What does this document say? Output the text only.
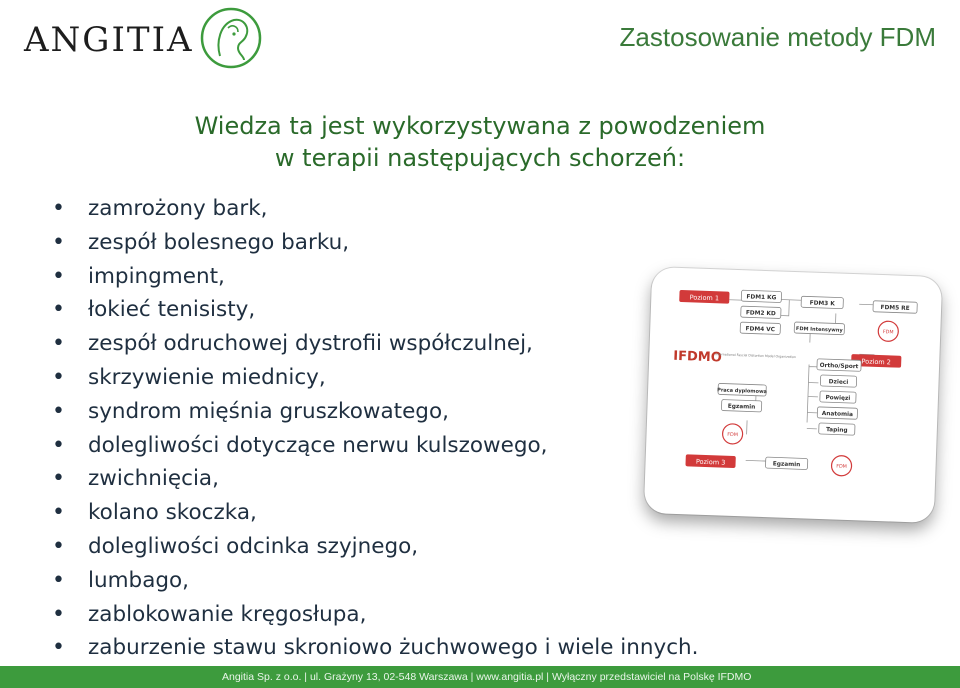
ANGITIA	Zastosowanie metody FDM
Wiedza ta jest wykorzystywana z powodzeniem
w terapii następujących schorzeń:
• zamrożony bark,
• zespół bolesnego barku,
• impingment,
• łokieć tenisisty,
• zespół odruchowej dystrofii współczulnej,
• skrzywienie miednicy,
• syndrom mięśnia gruszkowatego,
• dolegliwości dotyczące nerwu kulszowego,
• zwichnięcia,
• kolano skoczka,
• dolegliwości odcinka szyjnego,
• lumbago,
• zablokowanie kręgosłupa,
• zaburzenie stawu skroniowo żuchwowego i wiele innych.
Poziom 1	FDM1 KG
FDM2 KD
FDM4 VC
FDM3 K
FDM Intensywny
FDM5 RE
FDM
IFDMO
International Fascial Distortion Model Organization
Poziom 2
Ortho/Sport
Dzieci
Powięzi
Anatomia
Taping
Praca dyplomowa
Egzamin
FDM
Poziom 3	Egzamin	FDM
Angitia Sp. z o.o. | ul. Grażyny 13, 02-548 Warszawa | www.angitia.pl | Wyłączny przedstawiciel na Polskę IFDMO
